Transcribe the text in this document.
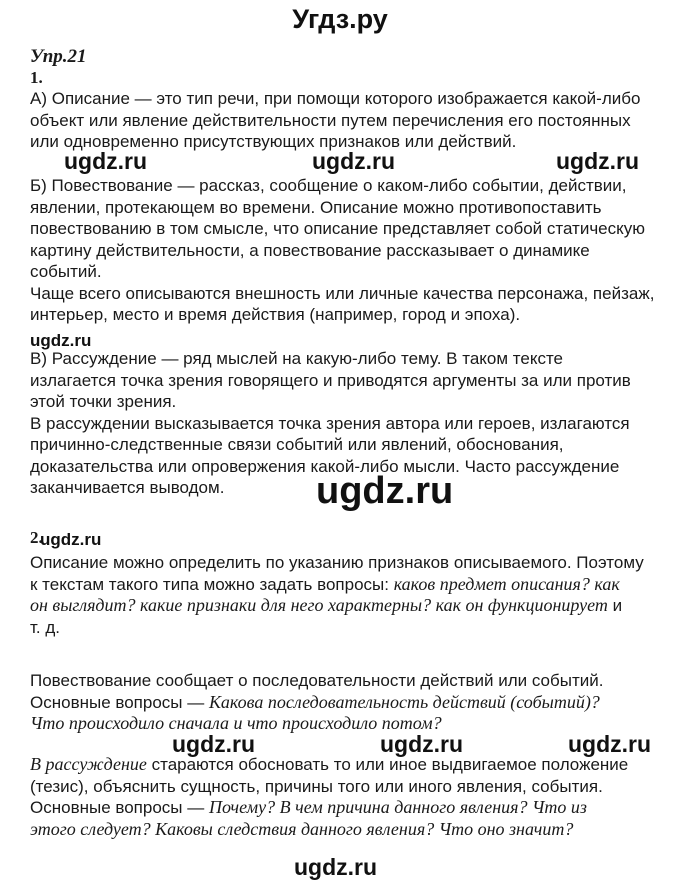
Угдз.ру
Упр.21
1.
А) Описание — это тип речи, при помощи которого изображается какой-либо
объект или явление действительности путем перечисления его постоянных
или одновременно присутствующих признаков или действий.
Б) Повествование — рассказ, сообщение о каком-либо событии, действии,
явлении, протекающем во времени. Описание можно противопоставить
повествованию в том смысле, что описание представляет собой статическую
картину действительности, а повествование рассказывает о динамике
событий.
Чаще всего описываются внешность или личные качества персонажа, пейзаж,
интерьер, место и время действия (например, город и эпоха).
В) Рассуждение — ряд мыслей на какую-либо тему. В таком тексте
излагается точка зрения говорящего и приводятся аргументы за или против
этой точки зрения.
В рассуждении высказывается точка зрения автора или героев, излагаются
причинно-следственные связи событий или явлений, обоснования,
доказательства или опровержения какой-либо мысли. Часто рассуждение
заканчивается выводом.
2.
Описание можно определить по указанию признаков описываемого. Поэтому
к текстам такого типа можно задать вопросы: каков предмет описания? как
он выглядит? какие признаки для него характерны? как он функционирует и
т. д.
Повествование сообщает о последовательности действий или событий.
Основные вопросы — Какова последовательность действий (событий)?
Что происходило сначала и что происходило потом?
В рассуждение стараются обосновать то или иное выдвигаемое положение
(тезис), объяснить сущность, причины того или иного явления, события.
Основные вопросы — Почему? В чем причина данного явления? Что из
этого следует? Каковы следствия данного явления? Что оно значит?
ugdz.ru	ugdz.ru	ugdz.ru
ugdz.ru
ugdz.ru
ugdz.ru
ugdz.ru	ugdz.ru	ugdz.ru
ugdz.ru
